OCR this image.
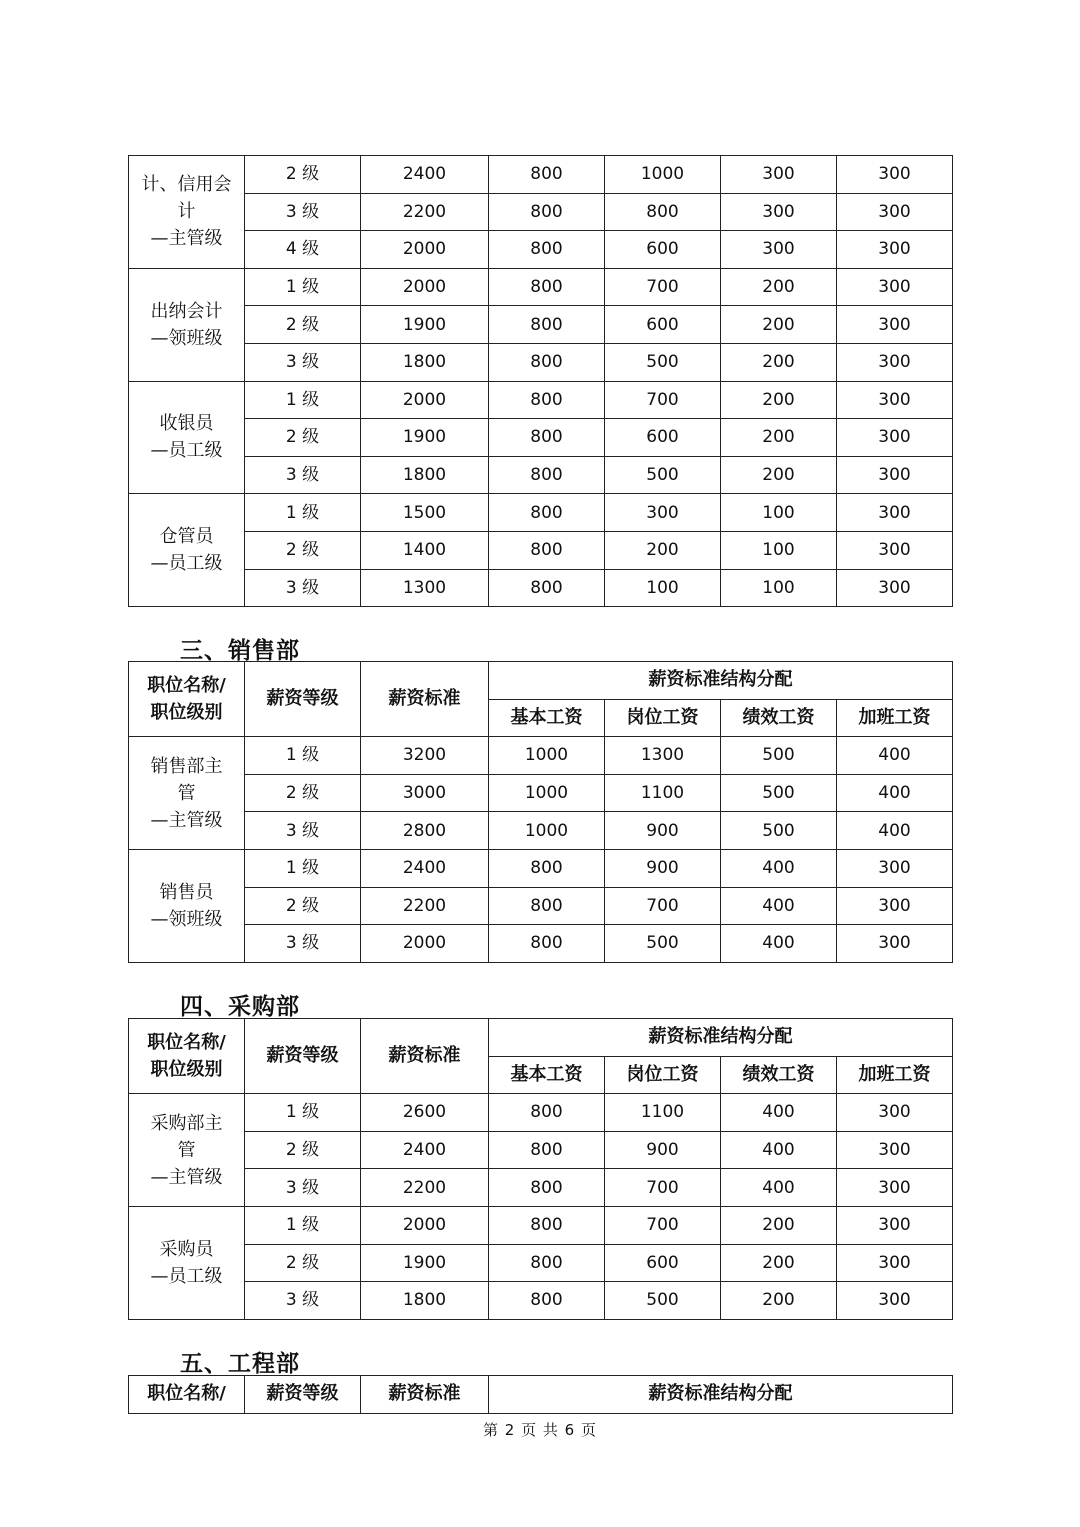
计、信用会
计
—主管级	2 级	2400	800	1000	300	300
	3 级	2200	800	800	300	300
	4 级	2000	800	600	300	300
出纳会计
—领班级	1 级	2000	800	700	200	300
	2 级	1900	800	600	200	300
	3 级	1800	800	500	200	300
收银员
—员工级	1 级	2000	800	700	200	300
	2 级	1900	800	600	200	300
	3 级	1800	800	500	200	300
仓管员
—员工级	1 级	1500	800	300	100	300
	2 级	1400	800	200	100	300
	3 级	1300	800	100	100	300
三、销售部
职位名称/
职位级别	薪资等级	薪资标准	薪资标准结构分配			
			基本工资	岗位工资	绩效工资	加班工资
销售部主
管
—主管级	1 级	3200	1000	1300	500	400
	2 级	3000	1000	1100	500	400
	3 级	2800	1000	900	500	400
销售员
—领班级	1 级	2400	800	900	400	300
	2 级	2200	800	700	400	300
	3 级	2000	800	500	400	300
四、采购部
职位名称/
职位级别	薪资等级	薪资标准	薪资标准结构分配			
			基本工资	岗位工资	绩效工资	加班工资
采购部主
管
—主管级	1 级	2600	800	1100	400	300
	2 级	2400	800	900	400	300
	3 级	2200	800	700	400	300
采购员
—员工级	1 级	2000	800	700	200	300
	2 级	1900	800	600	200	300
	3 级	1800	800	500	200	300
五、工程部
职位名称/	薪资等级	薪资标准	薪资标准结构分配
第 2 页 共 6 页
